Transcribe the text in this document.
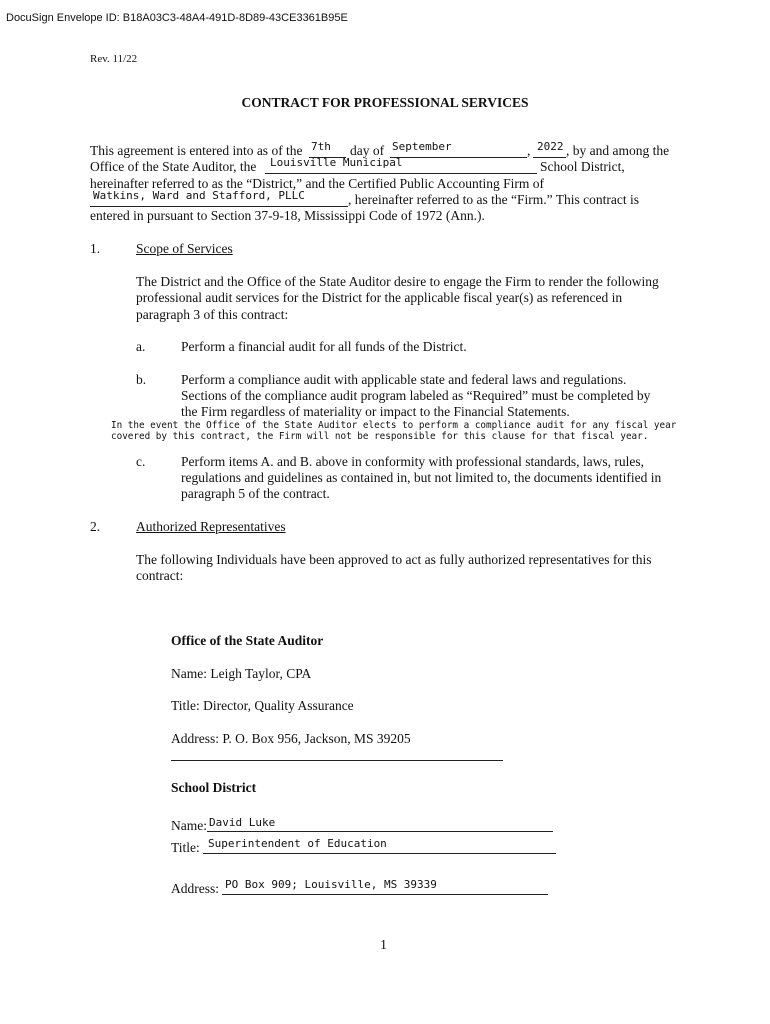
DocuSign Envelope ID: B18A03C3-48A4-491D-8D89-43CE3361B95E
Rev. 11/22
CONTRACT FOR PROFESSIONAL SERVICES
This agreement is entered into as of the 7th day of September	, 2022 , by and among the
Office of the State Auditor, the Louisville Municipal	School District,
hereinafter referred to as the “District,” and the Certified Public Accounting Firm of
Watkins, Ward and Stafford, PLLC	, hereinafter referred to as the “Firm.” This contract is
entered in pursuant to Section 37-9-18, Mississippi Code of 1972 (Ann.).
1.	Scope of Services
The District and the Office of the State Auditor desire to engage the Firm to render the following
professional audit services for the District for the applicable fiscal year(s) as referenced in
paragraph 3 of this contract:
a.	Perform a financial audit for all funds of the District.
b.	Perform a compliance audit with applicable state and federal laws and regulations.
Sections of the compliance audit program labeled as “Required” must be completed by
the Firm regardless of materiality or impact to the Financial Statements.
In the event the Office of the State Auditor elects to perform a compliance audit for any fiscal year
covered by this contract, the Firm will not be responsible for this clause for that fiscal year.
c.	Perform items A. and B. above in conformity with professional standards, laws, rules,
regulations and guidelines as contained in, but not limited to, the documents identified in
paragraph 5 of the contract.
2.	Authorized Representatives
The following Individuals have been approved to act as fully authorized representatives for this
contract:
Office of the State Auditor
Name: Leigh Taylor, CPA
Title: Director, Quality Assurance
Address: P. O. Box 956, Jackson, MS 39205
School District
Name: David Luke
Title: Superintendent of Education
Address: PO Box 909; Louisville, MS 39339
1
